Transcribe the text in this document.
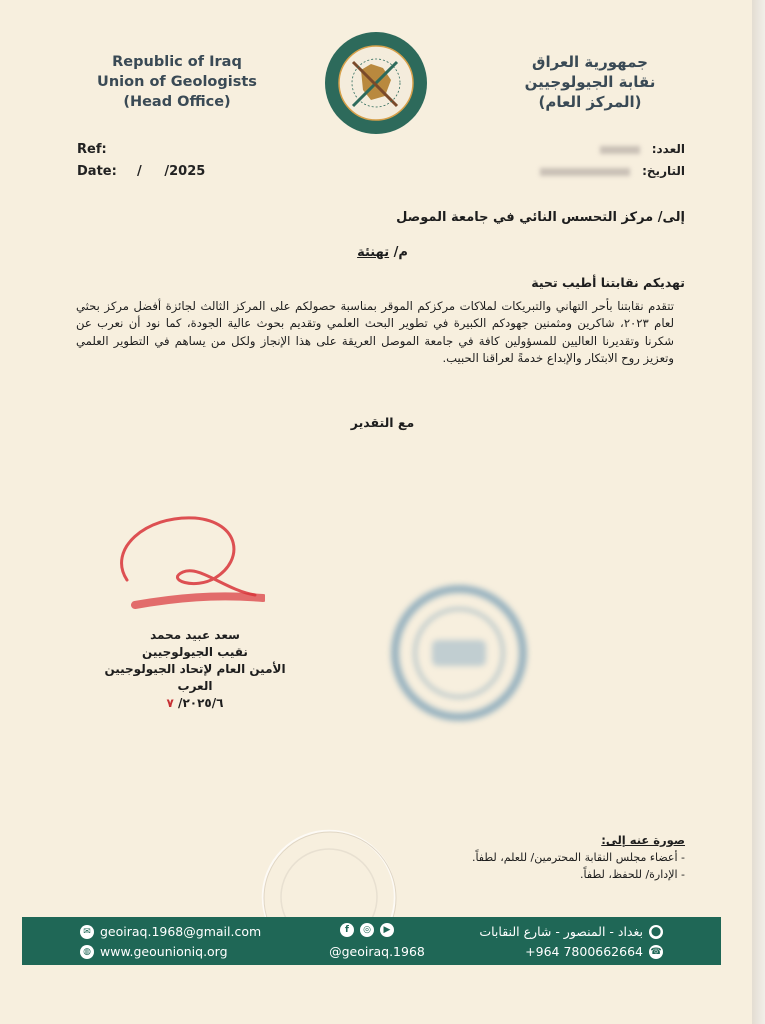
Republic of Iraq
Union of Geologists
(Head Office)
جمهورية العراق
نقابة الجيولوجيين
(المركز العام)
Ref:
Date: /     /2025
العدد:
التاريخ:
إلى/ مركز التحسس النائي في جامعة الموصل
م/ تهنئة
تهديكم نقابتنا أطيب تحية
تتقدم نقابتنا بأحر التهاني والتبريكات لملاكات مركزكم الموقر بمناسبة حصولكم على المركز الثالث لجائزة أفضل مركز بحثي لعام ٢٠٢٣، شاكرين ومثمنين جهودكم الكبيرة في تطوير البحث العلمي وتقديم بحوث عالية الجودة، كما نود أن نعرب عن شكرنا وتقديرنا العاليين للمسؤولين كافة في جامعة الموصل العريقة على هذا الإنجاز ولكل من يساهم في التطوير العلمي وتعزيز روح الابتكار والإبداع خدمةً لعراقنا الحبيب.
مع التقدير
سعد عبيد محمد
نقيب الجيولوجيين
الأمين العام لإتحاد الجيولوجيين العرب
٢٠٢٥/٦/ ٧
صورة عنه إلى:
- أعضاء مجلس النقابة المحترمين/ للعلم، لطفاً.
- الإدارة/ للحفظ، لطفاً.
✉ geoiraq.1968@gmail.com
◍ www.geounioniq.org
f	◎	▶
@geoiraq.1968
⬤
بغداد - المنصور - شارع النقابات
☎
+964 7800662664
